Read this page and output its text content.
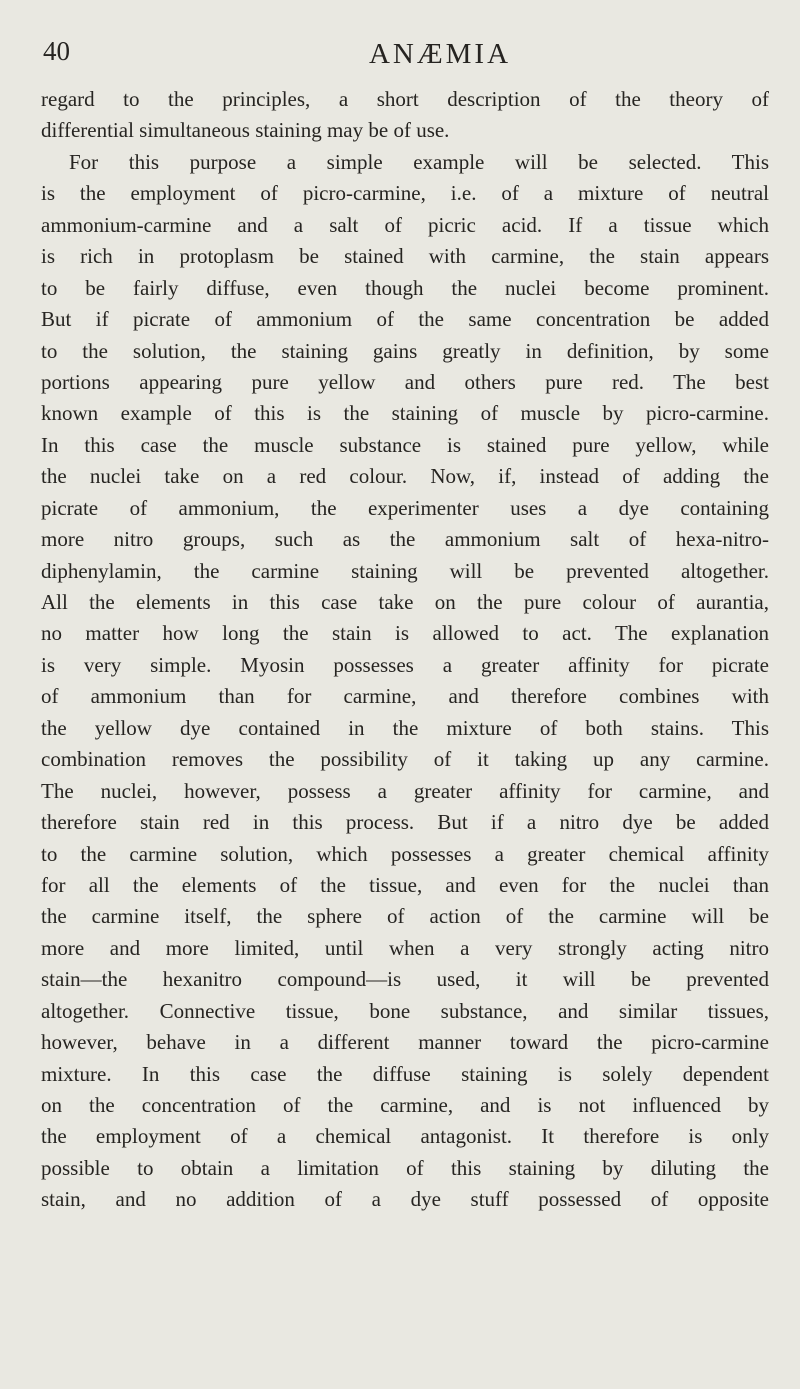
40	ANÆMIA
regard to the principles, a short description of the theory of
differential simultaneous staining may be of use.
For this purpose a simple example will be selected. This
is the employment of picro-carmine, i.e. of a mixture of neutral
ammonium-carmine and a salt of picric acid. If a tissue which
is rich in protoplasm be stained with carmine, the stain appears
to be fairly diffuse, even though the nuclei become prominent.
But if picrate of ammonium of the same concentration be added
to the solution, the staining gains greatly in definition, by some
portions appearing pure yellow and others pure red. The best
known example of this is the staining of muscle by picro-carmine.
In this case the muscle substance is stained pure yellow, while
the nuclei take on a red colour. Now, if, instead of adding the
picrate of ammonium, the experimenter uses a dye containing
more nitro groups, such as the ammonium salt of hexa-nitro-
diphenylamin, the carmine staining will be prevented altogether.
All the elements in this case take on the pure colour of aurantia,
no matter how long the stain is allowed to act. The explanation
is very simple. Myosin possesses a greater affinity for picrate
of ammonium than for carmine, and therefore combines with
the yellow dye contained in the mixture of both stains. This
combination removes the possibility of it taking up any carmine.
The nuclei, however, possess a greater affinity for carmine, and
therefore stain red in this process. But if a nitro dye be added
to the carmine solution, which possesses a greater chemical affinity
for all the elements of the tissue, and even for the nuclei than
the carmine itself, the sphere of action of the carmine will be
more and more limited, until when a very strongly acting nitro
stain—the hexanitro compound—is used, it will be prevented
altogether. Connective tissue, bone substance, and similar tissues,
however, behave in a different manner toward the picro-carmine
mixture. In this case the diffuse staining is solely dependent
on the concentration of the carmine, and is not influenced by
the employment of a chemical antagonist. It therefore is only
possible to obtain a limitation of this staining by diluting the
stain, and no addition of a dye stuff possessed of opposite
